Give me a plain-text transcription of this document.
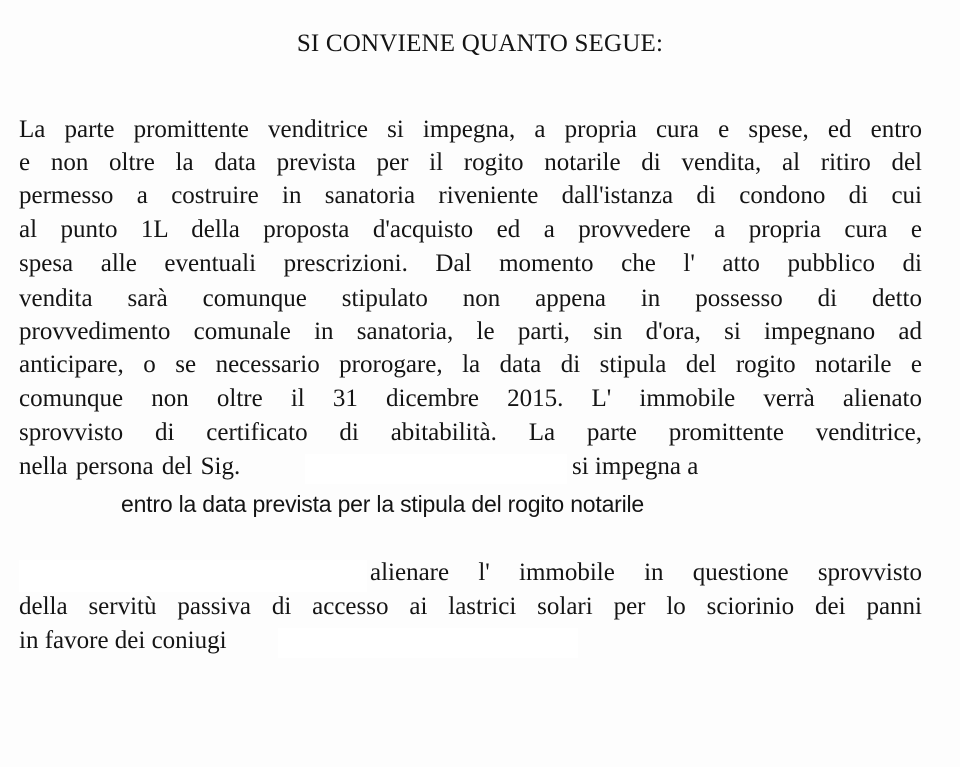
SI CONVIENE QUANTO SEGUE:
La parte promittente venditrice si impegna, a propria cura e spese, ed entro
e non oltre la data prevista per il rogito notarile di vendita, al ritiro del
permesso a costruire in sanatoria riveniente dall'istanza di condono di cui
al punto 1L della proposta d'acquisto ed a provvedere a propria cura e
spesa alle eventuali prescrizioni. Dal momento che l' atto pubblico di
vendita sarà comunque stipulato non appena in possesso di detto
provvedimento comunale in sanatoria, le parti, sin d'ora, si impegnano ad
anticipare, o se necessario prorogare, la data di stipula del rogito notarile e
comunque non oltre il 31 dicembre 2015. L' immobile verrà alienato
sprovvisto di certificato di abitabilità. La parte promittente venditrice,
nella persona del Sig.	si impegna a
entro la data prevista per la stipula del rogito notarile
alienare l' immobile in questione sprovvisto
della servitù passiva di accesso ai lastrici solari per lo sciorinio dei panni
in favore dei coniugi
